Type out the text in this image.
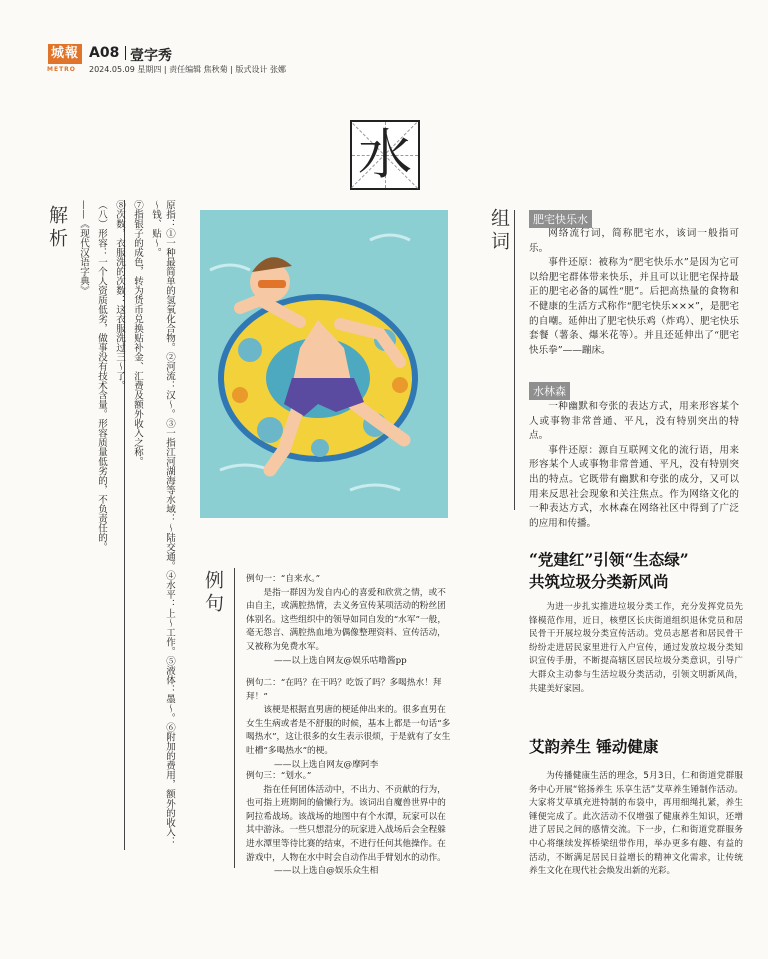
城報
METRO
A08 壹字秀
2024.05.09 星期四 | 责任编辑 焦秋菊 | 版式设计 张娜
水
解析	组词
例句

原指：①一种最简单的氢氧化合物。②河流：汉～。③一指江河湖海等水域：～陆交通。④水平：上～工作。⑤液体：墨～。⑥附加的费用，额外的收入：～钱、贴～。

⑦指银子的成色，转为货币兑换贴补金、汇费及额外收入之称。

⑧次数，衣服洗的次数：这衣服洗过三～了。

（八）形容：一个人资质低劣，做事没有技术含量。形容质量低劣的，不负责任的。

——《现代汉语字典》	肥宅快乐水
网络流行词，简称肥宅水，该词一般指可乐。
事件还原：被称为“肥宅快乐水”是因为它可以给肥宅群体带来快乐，并且可以让肥宅保持最正的肥宅必备的属性“肥”。后把高热量的食物和不健康的生活方式称作“肥宅快乐×××”，是肥宅的自嘲。延伸出了肥宅快乐鸡（炸鸡）、肥宅快乐套餐（薯条、爆米花等）。并且还延伸出了“肥宅快乐拳”——蹦床。
水林森
一种幽默和夸张的表达方式，用来形容某个人或事物非常普通、平凡，没有特别突出的特点。
事件还原：源自互联网文化的流行语，用来形容某个人或事物非常普通、平凡，没有特别突出的特点。它既带有幽默和夸张的成分，又可以用来反思社会现象和关注焦点。作为网络文化的一种表达方式，水林森在网络社区中得到了广泛的应用和传播。
例句一：“自来水。”
是指一群因为发自内心的喜爱和欣赏之情，或不由自主，或满腔热情，去义务宣传某项活动的粉丝团体别名。这些组织中的领导如同自发的“水军”一般，毫无怨言、满腔热血地为偶像整理资料、宣传活动，又被称为免费水军。
——以上选自网友@娱乐咕噜酱pp
例句二：“在吗？在干吗？吃饭了吗？多喝热水！拜拜！”
该梗是根据直男唐的梗延伸出来的。很多直男在女生生病或者是不舒服的时候，基本上都是一句话“多喝热水”，这让很多的女生表示很烦，于是就有了女生吐槽“多喝热水”的梗。
——以上选自网友@摩阿李
例句三：“划水。”
指在任何团体活动中，不出力、不贡献的行为，也可指上班期间的偷懒行为。该词出自魔兽世界中的阿拉希战场。该战场的地图中有个水潭，玩家可以在其中游泳。一些只想混分的玩家进入战场后会全程躲进水潭里等待比赛的结束，不进行任何其他操作。在游戏中，人物在水中时会自动作出手臂划水的动作。
——以上选自@娱乐众生相
“党建红”引领“生态绿”
共筑垃圾分类新风尚
为进一步扎实推进垃圾分类工作，充分发挥党员先锋模范作用，近日，核塑区长庆街道组织退休党员和居民骨干开展垃圾分类宣传活动。党员志愿者和居民骨干纷纷走进居民家里进行入户宣传，通过发放垃圾分类知识宣传手册，不断提高辖区居民垃圾分类意识，引导广大群众主动参与生活垃圾分类活动，引领文明新风尚，共建美好家园。
艾韵养生 锤动健康
为传播健康生活的理念，5月3日，仁和街道党群服务中心开展“铭扬养生 乐享生活”艾草养生锤制作活动。大家将艾草填充进特制的布袋中，再用细绳扎紧，养生锤便完成了。此次活动不仅增强了健康养生知识，还增进了居民之间的感情交流。下一步，仁和街道党群服务中心将继续发挥桥梁纽带作用，举办更多有趣、有益的活动，不断满足居民日益增长的精神文化需求，让传统养生文化在现代社会焕发出新的光彩。
